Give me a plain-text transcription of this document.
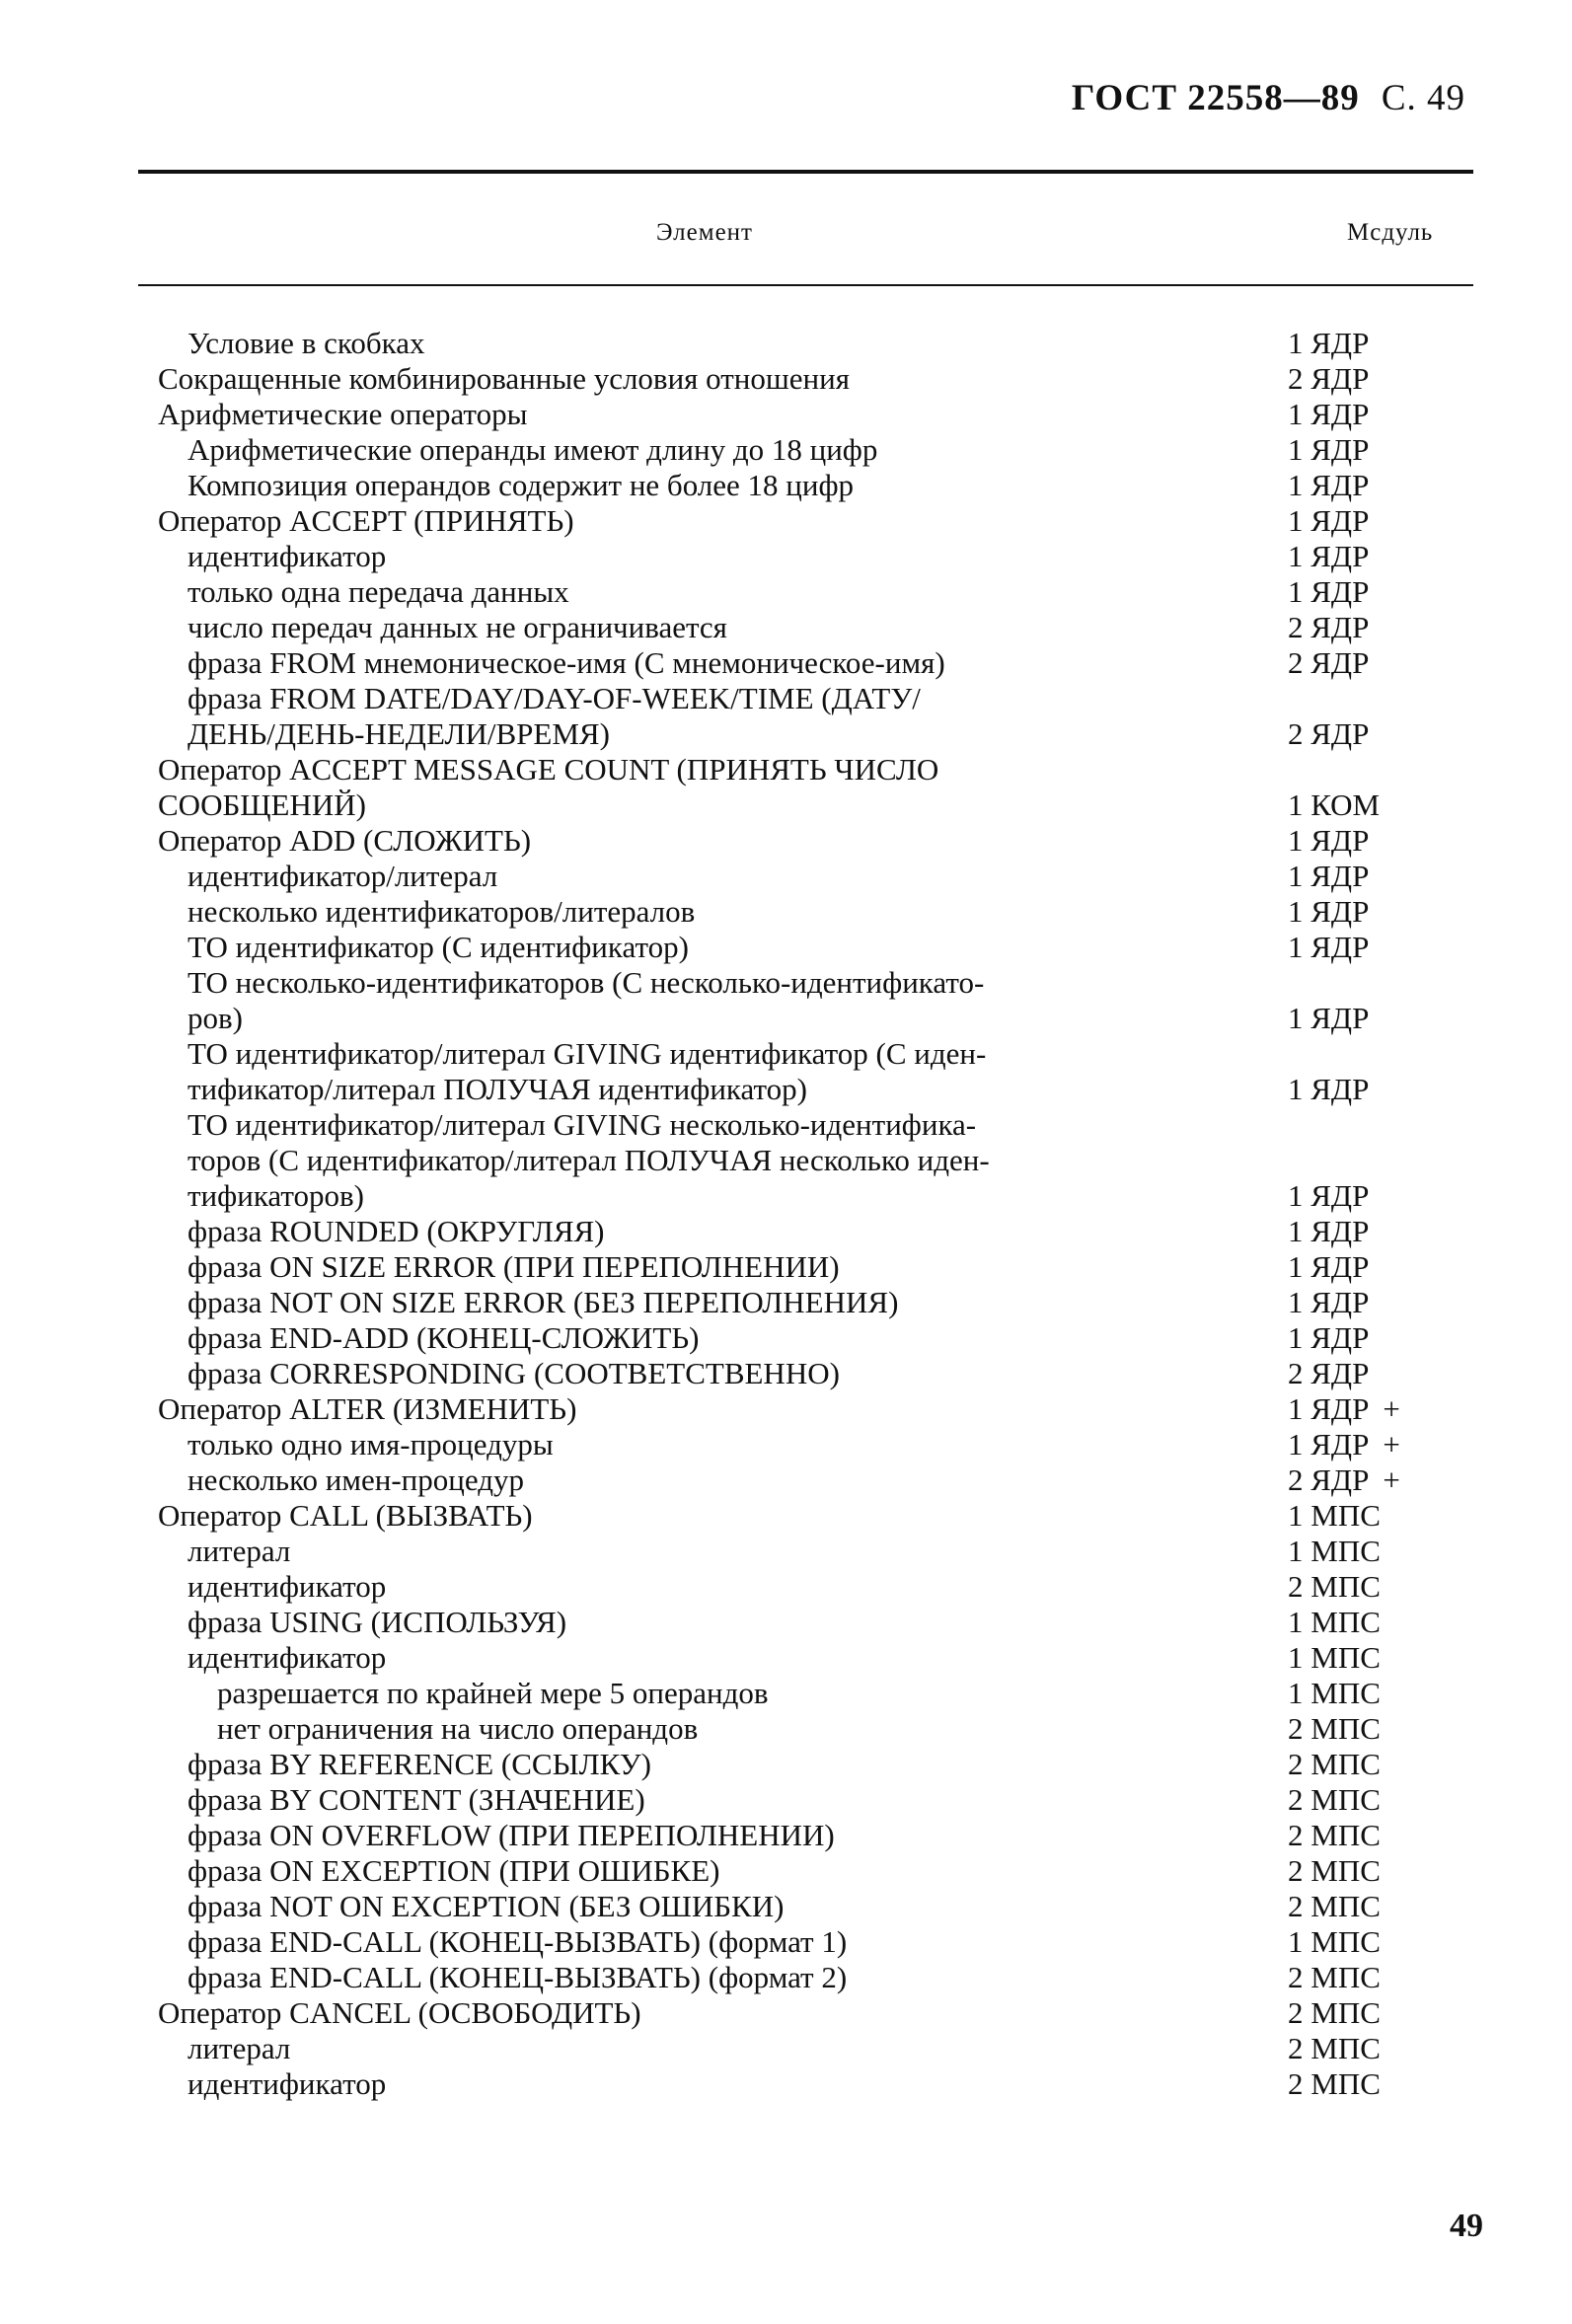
ГОСТ 22558—89 С. 49
Элемент	Мсдуль
Условие в скобках	1 ЯДР
Сокращенные комбинированные условия отношения	2 ЯДР
Арифметические операторы	1 ЯДР
Арифметические операнды имеют длину до 18 цифр	1 ЯДР
Композиция операндов содержит не более 18 цифр	1 ЯДР
Оператор ACCEPT (ПРИНЯТЬ)	1 ЯДР
идентификатор	1 ЯДР
только одна передача данных	1 ЯДР
число передач данных не ограничивается	2 ЯДР
фраза FROM мнемоническое-имя (С мнемоническое-имя)	2 ЯДР
фраза FROM DATE/DAY/DAY-OF-WEEK/TIME (ДАТУ/
ДЕНЬ/ДЕНЬ-НЕДЕЛИ/ВРЕМЯ)	2 ЯДР
Оператор ACCEPT MESSAGE COUNT (ПРИНЯТЬ ЧИСЛО
СООБЩЕНИЙ)	1 КОМ
Оператор ADD (СЛОЖИТЬ)	1 ЯДР
идентификатор/литерал	1 ЯДР
несколько идентификаторов/литералов	1 ЯДР
ТО идентификатор (С идентификатор)	1 ЯДР
ТО несколько-идентификаторов (С несколько-идентификато-
ров)	1 ЯДР
ТО идентификатор/литерал GIVING идентификатор (С иден-
тификатор/литерал ПОЛУЧАЯ идентификатор)	1 ЯДР
ТО идентификатор/литерал GIVING несколько-идентифика-
торов (С идентификатор/литерал ПОЛУЧАЯ несколько иден-
тификаторов)	1 ЯДР
фраза ROUNDED (ОКРУГЛЯЯ)	1 ЯДР
фраза ON SIZE ERROR (ПРИ ПЕРЕПОЛНЕНИИ)	1 ЯДР
фраза NOT ON SIZE ERROR (БЕЗ ПЕРЕПОЛНЕНИЯ)	1 ЯДР
фраза END-ADD (КОНЕЦ-СЛОЖИТЬ)	1 ЯДР
фраза CORRESPONDING (СООТВЕТСТВЕННО)	2 ЯДР
Оператор ALTER (ИЗМЕНИТЬ)	1 ЯДР +
только одно имя-процедуры	1 ЯДР +
несколько имен-процедур	2 ЯДР +
Оператор CALL (ВЫЗВАТЬ)	1 МПС
литерал	1 МПС
идентификатор	2 МПС
фраза USING (ИСПОЛЬЗУЯ)	1 МПС
идентификатор	1 МПС
разрешается по крайней мере 5 операндов	1 МПС
нет ограничения на число операндов	2 МПС
фраза BY REFERENCE (ССЫЛКУ)	2 МПС
фраза BY CONTENT (ЗНАЧЕНИЕ)	2 МПС
фраза ON OVERFLOW (ПРИ ПЕРЕПОЛНЕНИИ)	2 МПС
фраза ON EXCEPTION (ПРИ ОШИБКЕ)	2 МПС
фраза NOT ON EXCEPTION (БЕЗ ОШИБКИ)	2 МПС
фраза END-CALL (КОНЕЦ-ВЫЗВАТЬ) (формат 1)	1 МПС
фраза END-CALL (КОНЕЦ-ВЫЗВАТЬ) (формат 2)	2 МПС
Оператор CANCEL (ОСВОБОДИТЬ)	2 МПС
литерал	2 МПС
идентификатор	2 МПС
49
